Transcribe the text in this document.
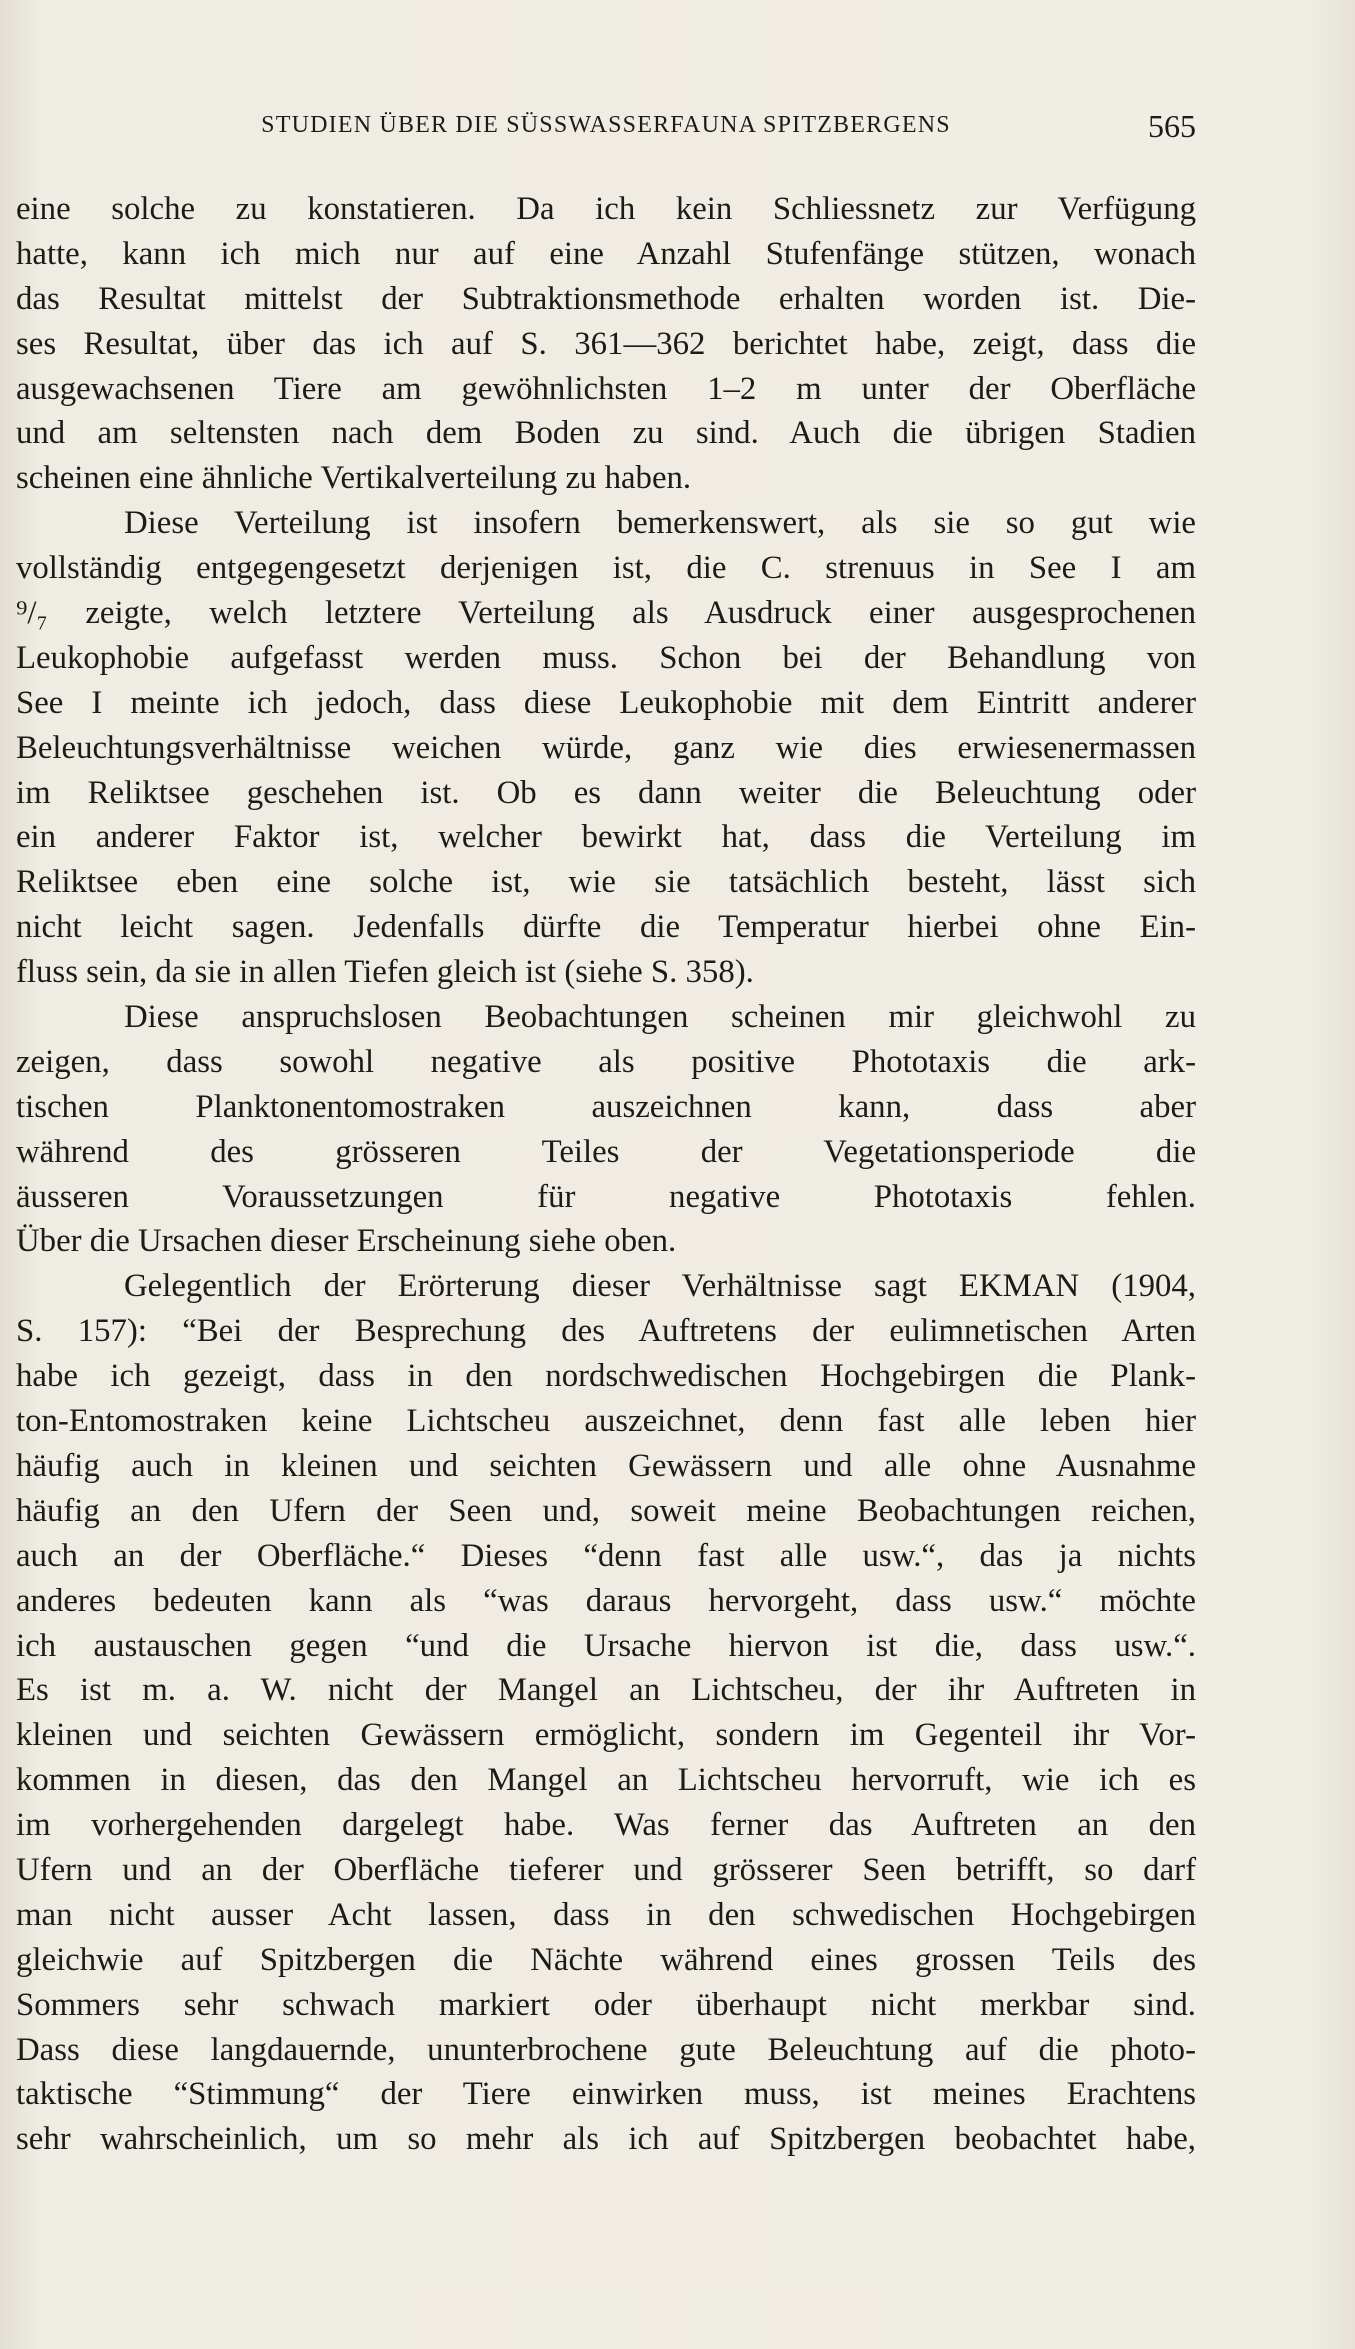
STUDIEN ÜBER DIE SÜSSWASSERFAUNA SPITZBERGENS	565
eine solche zu konstatieren. Da ich kein Schliessnetz zur Verfügung
hatte, kann ich mich nur auf eine Anzahl Stufenfänge stützen, wonach
das Resultat mittelst der Subtraktionsmethode erhalten worden ist. Die-
ses Resultat, über das ich auf S. 361—362 berichtet habe, zeigt, dass die
ausgewachsenen Tiere am gewöhnlichsten 1–2 m unter der Oberfläche
und am seltensten nach dem Boden zu sind. Auch die übrigen Stadien
scheinen eine ähnliche Vertikalverteilung zu haben.
Diese Verteilung ist insofern bemerkenswert, als sie so gut wie
vollständig entgegengesetzt derjenigen ist, die C. strenuus in See I am
⁹/₇ zeigte, welch letztere Verteilung als Ausdruck einer ausgesprochenen
Leukophobie aufgefasst werden muss. Schon bei der Behandlung von
See I meinte ich jedoch, dass diese Leukophobie mit dem Eintritt anderer
Beleuchtungsverhältnisse weichen würde, ganz wie dies erwiesenermassen
im Reliktsee geschehen ist. Ob es dann weiter die Beleuchtung oder
ein anderer Faktor ist, welcher bewirkt hat, dass die Verteilung im
Reliktsee eben eine solche ist, wie sie tatsächlich besteht, lässt sich
nicht leicht sagen. Jedenfalls dürfte die Temperatur hierbei ohne Ein-
fluss sein, da sie in allen Tiefen gleich ist (siehe S. 358).
Diese anspruchslosen Beobachtungen scheinen mir gleichwohl zu
zeigen, dass sowohl negative als positive Phototaxis die ark-
tischen Planktonentomostraken auszeichnen kann, dass aber
während des grösseren Teiles der Vegetationsperiode die
äusseren Voraussetzungen für negative Phototaxis fehlen.
Über die Ursachen dieser Erscheinung siehe oben.
Gelegentlich der Erörterung dieser Verhältnisse sagt EKMAN (1904,
S. 157): “Bei der Besprechung des Auftretens der eulimnetischen Arten
habe ich gezeigt, dass in den nordschwedischen Hochgebirgen die Plank-
ton-Entomostraken keine Lichtscheu auszeichnet, denn fast alle leben hier
häufig auch in kleinen und seichten Gewässern und alle ohne Ausnahme
häufig an den Ufern der Seen und, soweit meine Beobachtungen reichen,
auch an der Oberfläche.“ Dieses “denn fast alle usw.“, das ja nichts
anderes bedeuten kann als “was daraus hervorgeht, dass usw.“ möchte
ich austauschen gegen “und die Ursache hiervon ist die, dass usw.“.
Es ist m. a. W. nicht der Mangel an Lichtscheu, der ihr Auftreten in
kleinen und seichten Gewässern ermöglicht, sondern im Gegenteil ihr Vor-
kommen in diesen, das den Mangel an Lichtscheu hervorruft, wie ich es
im vorhergehenden dargelegt habe. Was ferner das Auftreten an den
Ufern und an der Oberfläche tieferer und grösserer Seen betrifft, so darf
man nicht ausser Acht lassen, dass in den schwedischen Hochgebirgen
gleichwie auf Spitzbergen die Nächte während eines grossen Teils des
Sommers sehr schwach markiert oder überhaupt nicht merkbar sind.
Dass diese langdauernde, ununterbrochene gute Beleuchtung auf die photo-
taktische “Stimmung“ der Tiere einwirken muss, ist meines Erachtens
sehr wahrscheinlich, um so mehr als ich auf Spitzbergen beobachtet habe,
